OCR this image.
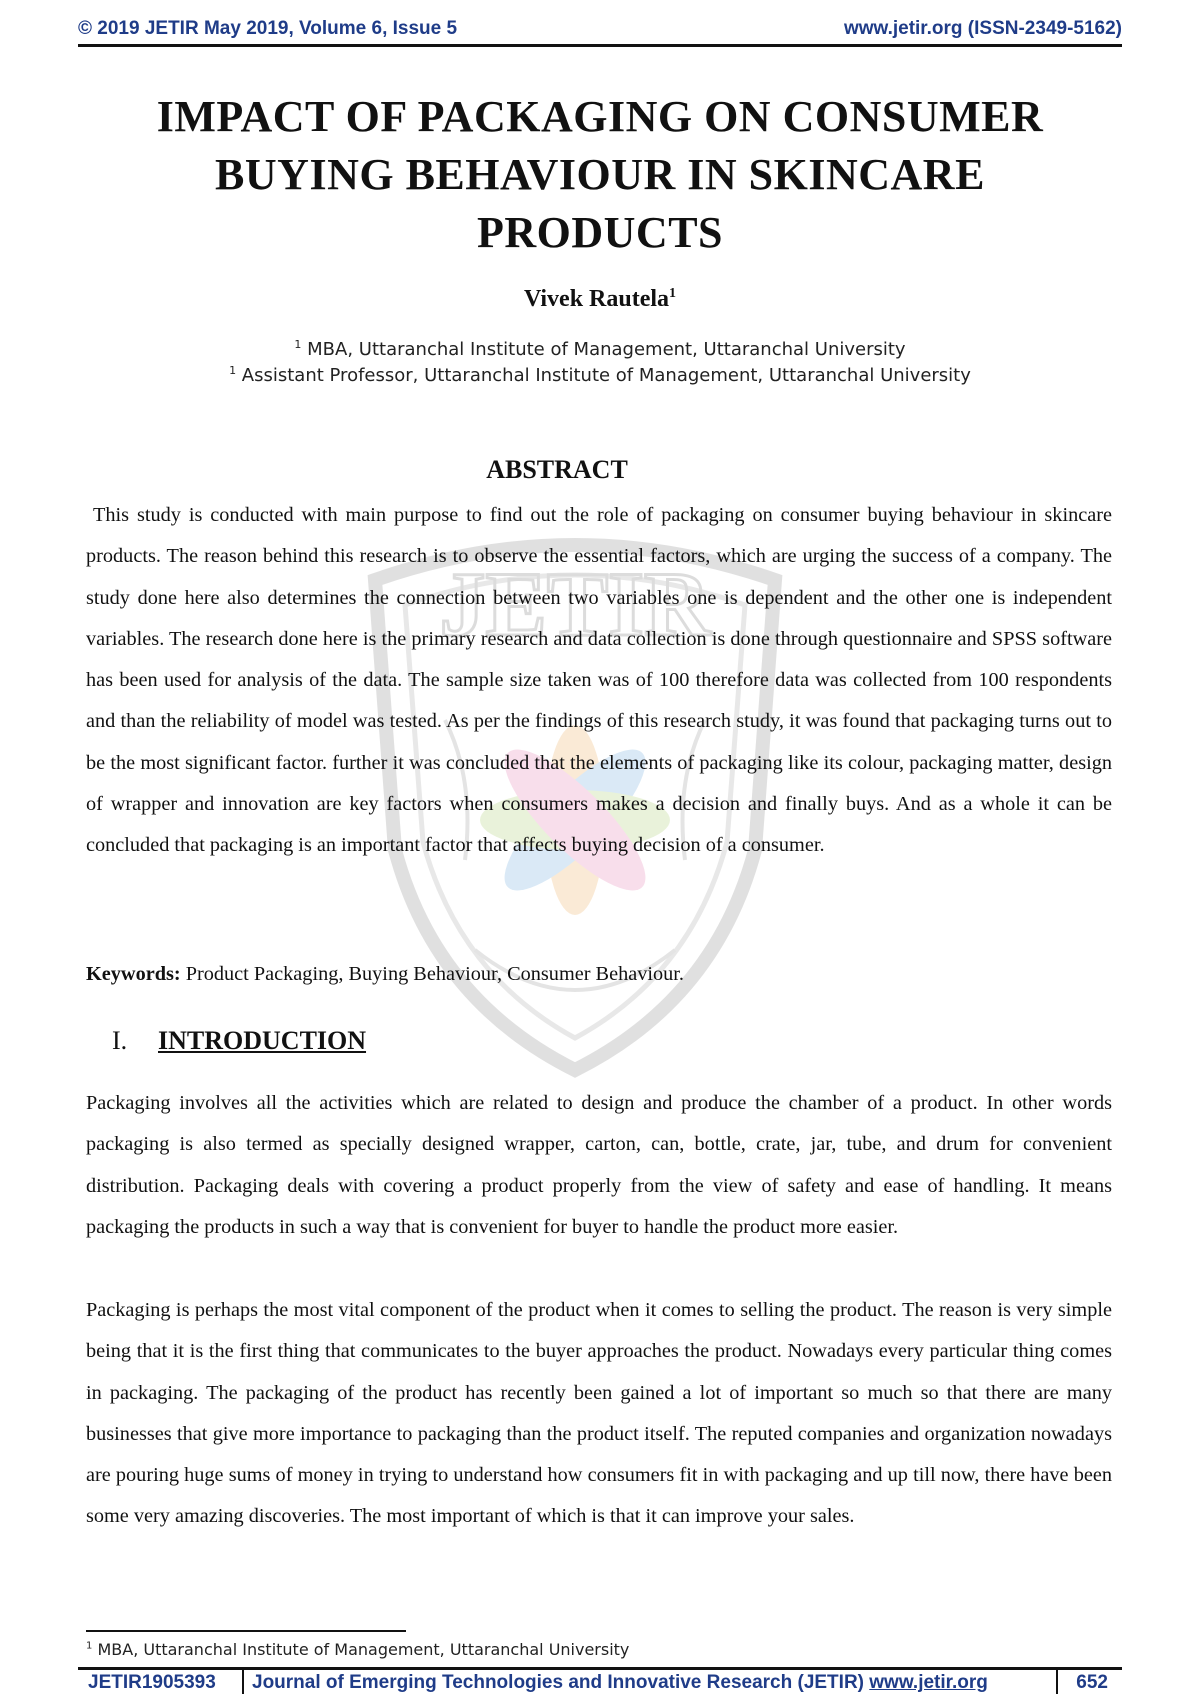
© 2019 JETIR May 2019, Volume 6, Issue 5	www.jetir.org (ISSN-2349-5162)
JETIR
IMPACT OF PACKAGING ON CONSUMER
BUYING BEHAVIOUR IN SKINCARE
PRODUCTS
Vivek Rautela$^1$
$^1$ MBA, Uttaranchal Institute of Management, Uttaranchal University
$^1$ Assistant Professor, Uttaranchal Institute of Management, Uttaranchal University
ABSTRACT
This study is conducted with main purpose to find out the role of packaging on consumer buying behaviour in skincare products. The reason behind this research is to observe the essential factors, which are urging the success of a company. The study done here also determines the connection between two variables one is dependent and the other one is independent variables. The research done here is the primary research and data collection is done through questionnaire and SPSS software has been used for analysis of the data. The sample size taken was of 100 therefore data was collected from 100 respondents and than the reliability of model was tested. As per the findings of this research study, it was found that packaging turns out to be the most significant factor. further it was concluded that the elements of packaging like its colour, packaging matter, design of wrapper and innovation are key factors when consumers makes a decision and finally buys. And as a whole it can be concluded that packaging is an important factor that affects buying decision of a consumer.
Keywords: Product Packaging, Buying Behaviour, Consumer Behaviour.
I. INTRODUCTION
Packaging involves all the activities which are related to design and produce the chamber of a product. In other words packaging is also termed as specially designed wrapper, carton, can, bottle, crate, jar, tube, and drum for convenient distribution. Packaging deals with covering a product properly from the view of safety and ease of handling. It means packaging the products in such a way that is convenient for buyer to handle the product more easier.
Packaging is perhaps the most vital component of the product when it comes to selling the product. The reason is very simple being that it is the first thing that communicates to the buyer approaches the product. Nowadays every particular thing comes in packaging. The packaging of the product has recently been gained a lot of important so much so that there are many businesses that give more importance to packaging than the product itself. The reputed companies and organization nowadays are pouring huge sums of money in trying to understand how consumers fit in with packaging and up till now, there have been some very amazing discoveries. The most important of which is that it can improve your sales.
$^1$ MBA, Uttaranchal Institute of Management, Uttaranchal University
JETIR1905393 Journal of Emerging Technologies and Innovative Research (JETIR) www.jetir.org	652
